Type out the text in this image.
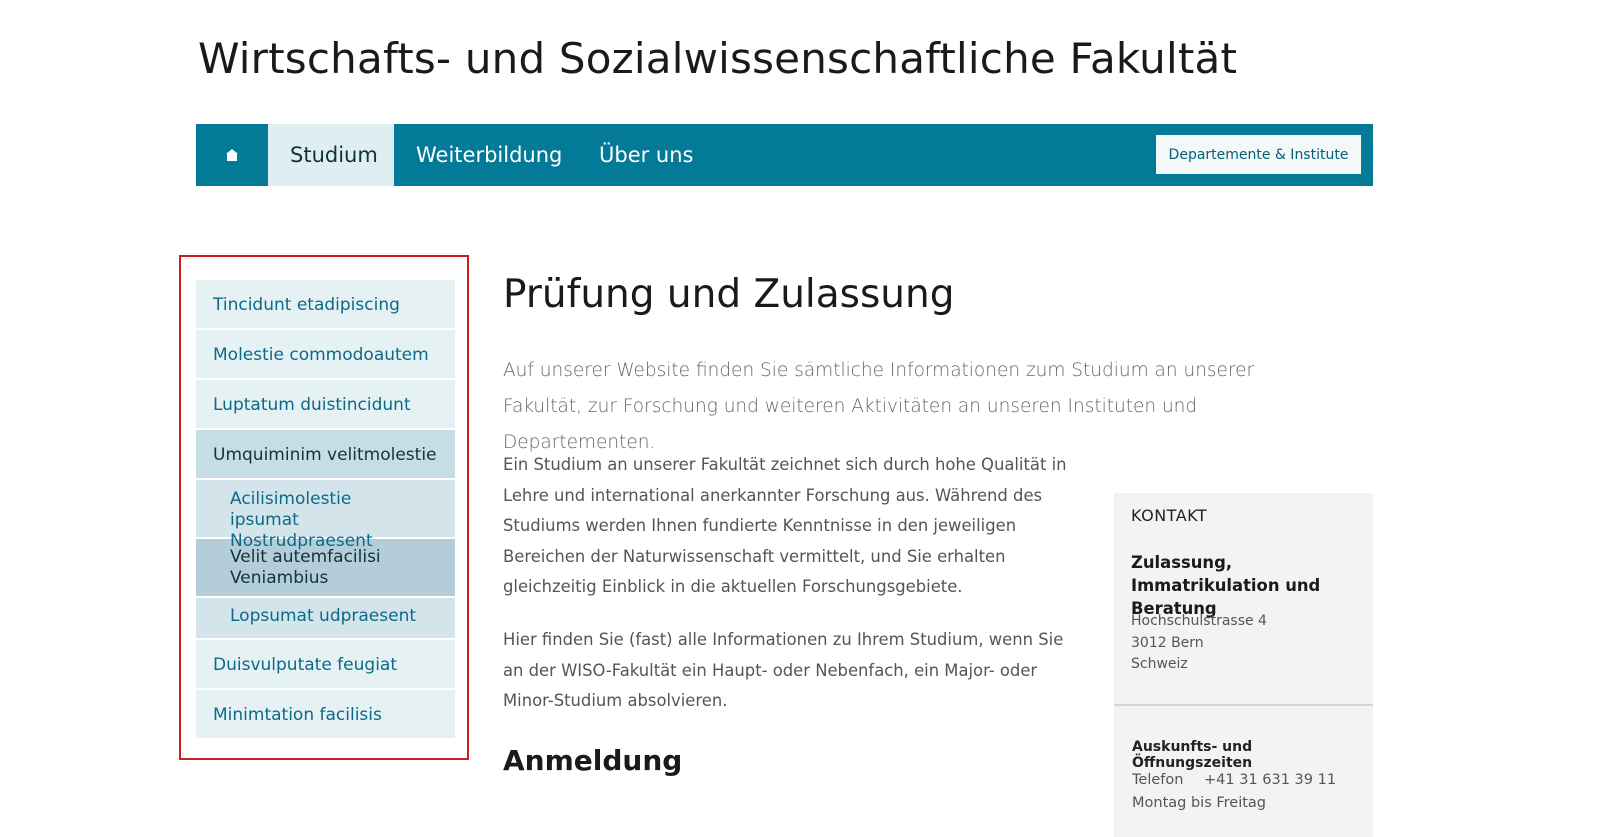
Wirtschafts- und Sozialwissenschaftliche Fakultät
Studium	Weiterbildung	Über uns	Departemente & Institute
Tincidunt etadipiscing
Molestie commodoautem
Luptatum duistincidunt
Umquiminim velitmolestie
Acilisimolestie ipsumat
Nostrudpraesent
Velit autemfacilisi
Veniambius
Lopsumat udpraesent
Duisvulputate feugiat
Minimtation facilisis
Prüfung und Zulassung

Auf unserer Website finden Sie sämtliche Informationen zum Studium an unserer Fakultät, zur Forschung und weiteren Aktivitäten an unseren Instituten und Departementen.

Ein Studium an unserer Fakultät zeichnet sich durch hohe Qualität in Lehre und international anerkannter Forschung aus. Während des Studiums werden Ihnen fundierte Kenntnisse in den jeweiligen Bereichen der Naturwissenschaft vermittelt, und Sie erhalten gleichzeitig Einblick in die aktuellen Forschungsgebiete.

Hier finden Sie (fast) alle Informationen zu Ihrem Studium, wenn Sie an der WISO-Fakultät ein Haupt- oder Nebenfach, ein Major- oder Minor-Studium absolvieren.

Anmeldung
KONTAKT
Zulassung, Immatrikulation und Beratung
Hochschulstrasse 4
3012 Bern
Schweiz
Auskunfts- und Öffnungszeiten
Telefon +41 31 631 39 11
Montag bis Freitag
